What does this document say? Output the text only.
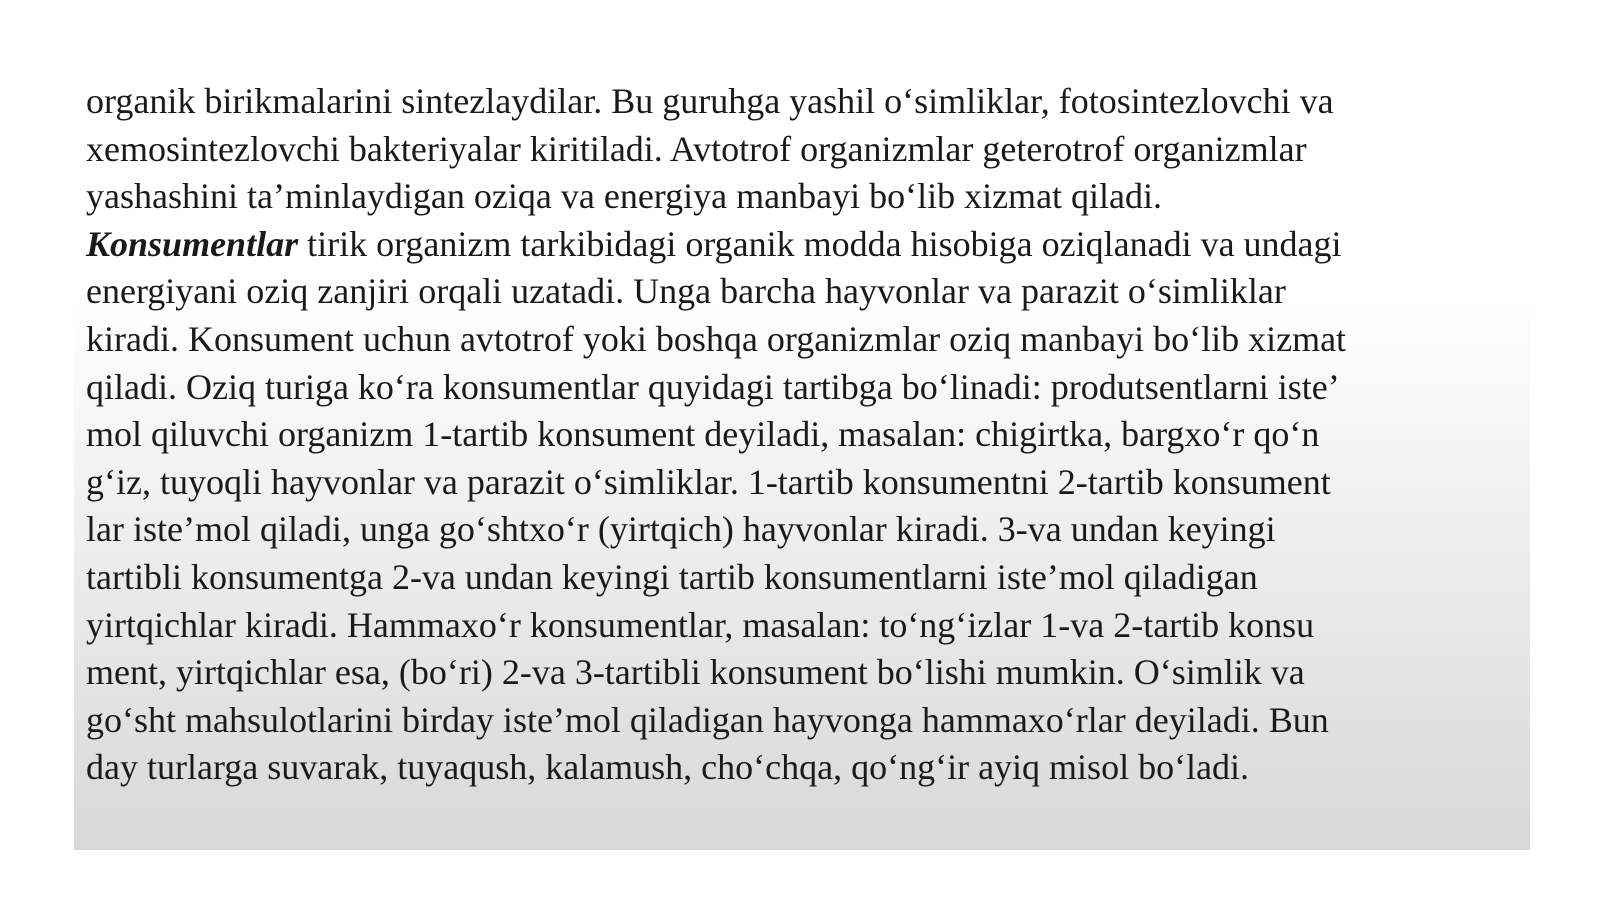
organik birikmalarini sintezlaydilar. Bu guruhga yashil o‘simliklar, fotosintezlovchi va
xemosintezlovchi bakteriyalar kiritiladi. Avtotrof organizmlar geterotrof organizmlar
yashashini ta’minlaydigan oziqa va energiya manbayi bo‘lib xizmat qiladi.
Konsumentlar tirik organizm tarkibidagi organik modda hisobiga oziqlanadi va undagi
energiyani oziq zanjiri orqali uzatadi. Unga barcha hayvonlar va parazit o‘simliklar
kiradi. Konsument uchun avtotrof yoki boshqa organizmlar oziq manbayi bo‘lib xizmat
qiladi. Oziq turiga ko‘ra konsumentlar quyidagi tartibga bo‘linadi: produtsentlarni iste’
mol qiluvchi organizm 1-tartib konsument deyiladi, masalan: chigirtka, bargxo‘r qo‘n
g‘iz, tuyoqli hayvonlar va parazit o‘simliklar. 1-tartib konsumentni 2-tartib konsument
lar iste’mol qiladi, unga go‘shtxo‘r (yirtqich) hayvonlar kiradi. 3-va undan keyingi
tartibli konsumentga 2-va undan keyingi tartib konsumentlarni iste’mol qiladigan
yirtqichlar kiradi. Hammaxo‘r konsumentlar, masalan: to‘ng‘izlar 1-va 2-tartib konsu
ment, yirtqichlar esa, (bo‘ri) 2-va 3-tartibli konsument bo‘lishi mumkin. O‘simlik va
go‘sht mahsulotlarini birday iste’mol qiladigan hayvonga hammaxo‘rlar deyiladi. Bun
day turlarga suvarak, tuyaqush, kalamush, cho‘chqa, qo‘ng‘ir ayiq misol bo‘ladi.
